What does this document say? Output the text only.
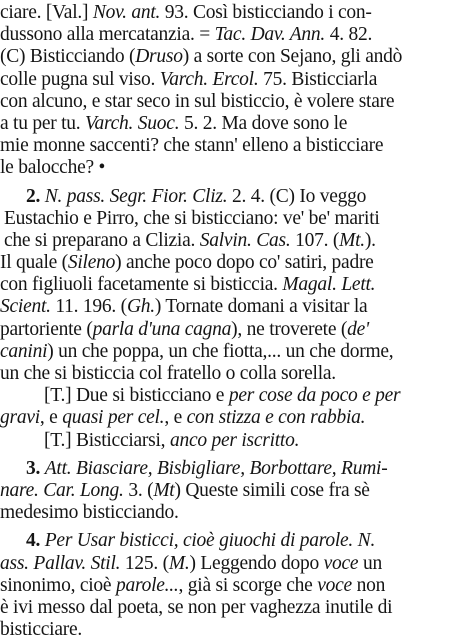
ciare. [Val.] Nov. ant. 93. Così bisticciando i con-
dussono alla mercatanzia. = Tac. Dav. Ann. 4. 82.
(C) Bisticciando (Druso) a sorte con Sejano, gli andò
colle pugna sul viso. Varch. Ercol. 75. Bisticciarla
con alcuno, e star seco in sul bisticcio, è volere stare
a tu per tu. Varch. Suoc. 5. 2. Ma dove sono le
mie monne saccenti? che stann' elleno a bisticciare
le balocche? •
2. N. pass. Segr. Fior. Cliz. 2. 4. (C) Io veggo
Eustachio e Pirro, che si bisticciano: ve' be' mariti
che si preparano a Clizia. Salvin. Cas. 107. (Mt.).
Il quale (Sileno) anche poco dopo co' satiri, padre
con figliuoli facetamente si bisticcia. Magal. Lett.
Scient. 11. 196. (Gh.) Tornate domani a visitar la
partoriente (parla d'una cagna), ne troverete (de'
canini) un che poppa, un che fiotta,... un che dorme,
un che si bisticcia col fratello o colla sorella.
[T.] Due si bisticciano e per cose da poco e per
gravi, e quasi per cel., e con stizza e con rabbia.
[T.] Bisticciarsi, anco per iscritto.
3. Att. Biasciare, Bisbigliare, Borbottare, Rumi-
nare. Car. Long. 3. (Mt) Queste simili cose fra sè
medesimo bisticciando.
4. Per Usar bisticci, cioè giuochi di parole. N.
ass. Pallav. Stil. 125. (M.) Leggendo dopo voce un
sinonimo, cioè parole..., già si scorge che voce non
è ivi messo dal poeta, se non per vaghezza inutile di
bisticciare.
